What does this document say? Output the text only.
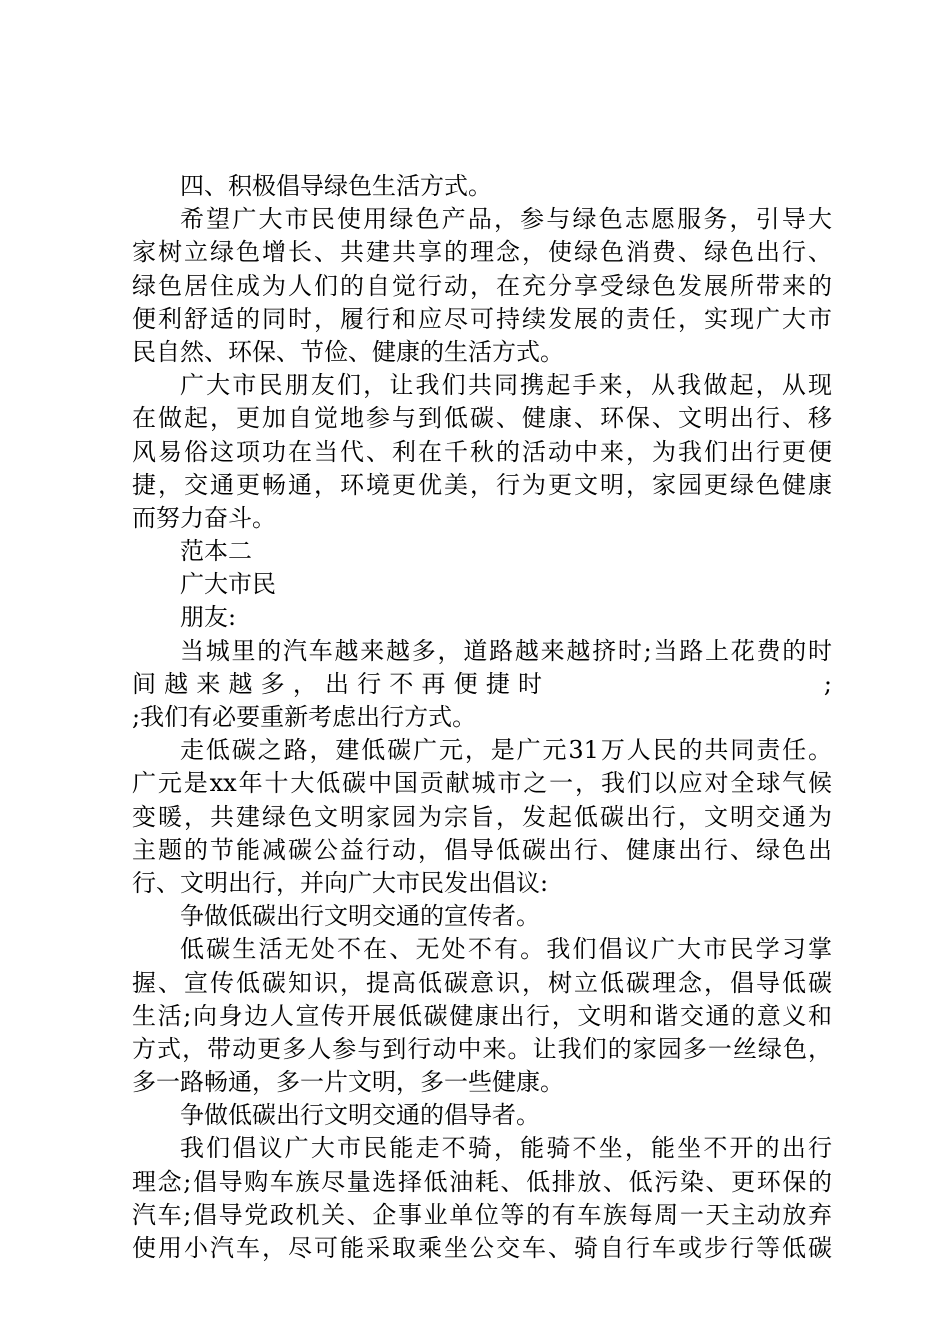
四、积极倡导绿色生活方式。
希望广大市民使用绿色产品，参与绿色志愿服务，引导大
家树立绿色增长、共建共享的理念，使绿色消费、绿色出行、
绿色居住成为人们的自觉行动，在充分享受绿色发展所带来的
便利舒适的同时，履行和应尽可持续发展的责任，实现广大市
民自然、环保、节俭、健康的生活方式。
广大市民朋友们，让我们共同携起手来，从我做起，从现
在做起，更加自觉地参与到低碳、健康、环保、文明出行、移
风易俗这项功在当代、利在千秋的活动中来，为我们出行更便
捷，交通更畅通，环境更优美，行为更文明，家园更绿色健康
而努力奋斗。
范本二
广大市民
朋友:
当城里的汽车越来越多，道路越来越挤时;当路上花费的时
间越来越多，出行不再便捷时	;
;我们有必要重新考虑出行方式。
走低碳之路，建低碳广元，是广元31万人民的共同责任。
广元是xx年十大低碳中国贡献城市之一，我们以应对全球气候
变暖，共建绿色文明家园为宗旨，发起低碳出行，文明交通为
主题的节能减碳公益行动，倡导低碳出行、健康出行、绿色出
行、文明出行，并向广大市民发出倡议:
争做低碳出行文明交通的宣传者。
低碳生活无处不在、无处不有。我们倡议广大市民学习掌
握、宣传低碳知识，提高低碳意识，树立低碳理念，倡导低碳
生活;向身边人宣传开展低碳健康出行，文明和谐交通的意义和
方式，带动更多人参与到行动中来。让我们的家园多一丝绿色，
多一路畅通，多一片文明，多一些健康。
争做低碳出行文明交通的倡导者。
我们倡议广大市民能走不骑，能骑不坐，能坐不开的出行
理念;倡导购车族尽量选择低油耗、低排放、低污染、更环保的
汽车;倡导党政机关、企事业单位等的有车族每周一天主动放弃
使用小汽车，尽可能采取乘坐公交车、骑自行车或步行等低碳
